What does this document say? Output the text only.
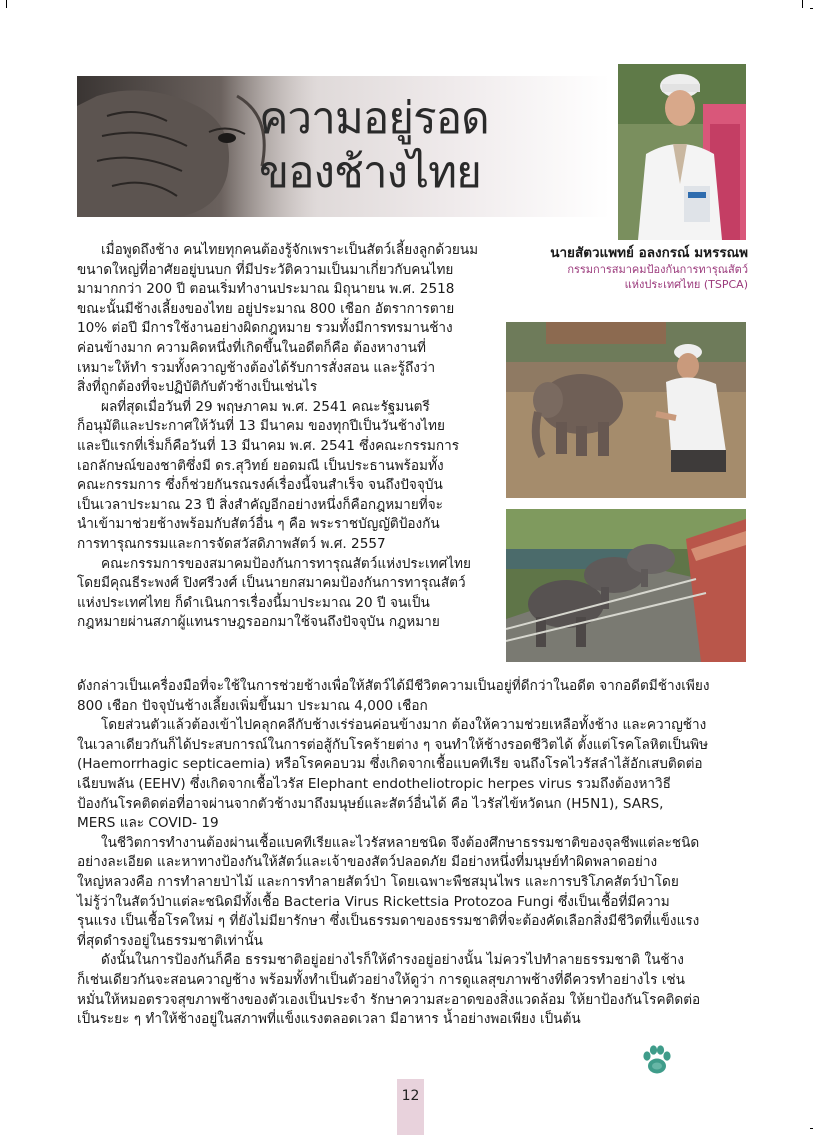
ความอยู่รอด
ของช้างไทย
นายสัตวแพทย์ อลงกรณ์ มหรรณพ
กรรมการสมาคมป้องกันการทารุณสัตว์
แห่งประเทศไทย (TSPCA)
เมื่อพูดถึงช้าง คนไทยทุกคนต้องรู้จักเพราะเป็นสัตว์เลี้ยงลูกด้วยนม
ขนาดใหญ่ที่อาศัยอยู่บนบก ที่มีประวัติความเป็นมาเกี่ยวกับคนไทย
มามากกว่า 200 ปี ตอนเริ่มทำงานประมาณ มิถุนายน พ.ศ. 2518
ขณะนั้นมีช้างเลี้ยงของไทย อยู่ประมาณ 800 เชือก อัตราการตาย
10% ต่อปี มีการใช้งานอย่างผิดกฎหมาย รวมทั้งมีการทรมานช้าง
ค่อนข้างมาก ความคิดหนึ่งที่เกิดขึ้นในอดีตก็คือ ต้องหางานที่
เหมาะให้ทำ รวมทั้งควาญช้างต้องได้รับการสั่งสอน และรู้ถึงว่า
สิ่งที่ถูกต้องที่จะปฏิบัติกับตัวช้างเป็นเช่นไร
ผลที่สุดเมื่อวันที่ 29 พฤษภาคม พ.ศ. 2541 คณะรัฐมนตรี
ก็อนุมัติและประกาศให้วันที่ 13 มีนาคม ของทุกปีเป็นวันช้างไทย
และปีแรกที่เริ่มก็คือวันที่ 13 มีนาคม พ.ศ. 2541 ซึ่งคณะกรรมการ
เอกลักษณ์ของชาติซึ่งมี ดร.สุวิทย์ ยอดมณี เป็นประธานพร้อมทั้ง
คณะกรรมการ ซึ่งก็ช่วยกันรณรงค์เรื่องนี้จนสำเร็จ จนถึงปัจจุบัน
เป็นเวลาประมาณ 23 ปี สิ่งสำคัญอีกอย่างหนึ่งก็คือกฎหมายที่จะ
นำเข้ามาช่วยช้างพร้อมกับสัตว์อื่น ๆ คือ พระราชบัญญัติป้องกัน
การทารุณกรรมและการจัดสวัสดิภาพสัตว์ พ.ศ. 2557
คณะกรรมการของสมาคมป้องกันการทารุณสัตว์แห่งประเทศไทย
โดยมีคุณธีระพงศ์ ปิงศรีวงศ์ เป็นนายกสมาคมป้องกันการทารุณสัตว์
แห่งประเทศไทย ก็ดำเนินการเรื่องนี้มาประมาณ 20 ปี จนเป็น
กฎหมายผ่านสภาผู้แทนราษฎรออกมาใช้จนถึงปัจจุบัน กฎหมาย
ดังกล่าวเป็นเครื่องมือที่จะใช้ในการช่วยช้างเพื่อให้สัตว์ได้มีชีวิตความเป็นอยู่ที่ดีกว่าในอดีต จากอดีตมีช้างเพียง
800 เชือก ปัจจุบันช้างเลี้ยงเพิ่มขึ้นมา ประมาณ 4,000 เชือก
โดยส่วนตัวแล้วต้องเข้าไปคลุกคลีกับช้างเร่ร่อนค่อนข้างมาก ต้องให้ความช่วยเหลือทั้งช้าง และควาญช้าง
ในเวลาเดียวกันก็ได้ประสบการณ์ในการต่อสู้กับโรคร้ายต่าง ๆ จนทำให้ช้างรอดชีวิตได้ ตั้งแต่โรคโลหิตเป็นพิษ
(Haemorrhagic septicaemia) หรือโรคคอบวม ซึ่งเกิดจากเชื้อแบคทีเรีย จนถึงโรคไวรัสลำไส้อักเสบติดต่อ
เฉียบพลัน (EEHV) ซึ่งเกิดจากเชื้อไวรัส Elephant endotheliotropic herpes virus รวมถึงต้องหาวิธี
ป้องกันโรคติดต่อที่อาจผ่านจากตัวช้างมาถึงมนุษย์และสัตว์อื่นได้ คือ ไวรัสไข้หวัดนก (H5N1), SARS,
MERS และ COVID- 19
ในชีวิตการทำงานต้องผ่านเชื้อแบคทีเรียและไวรัสหลายชนิด จึงต้องศึกษาธรรมชาติของจุลชีพแต่ละชนิด
อย่างละเอียด และหาทางป้องกันให้สัตว์และเจ้าของสัตว์ปลอดภัย มีอย่างหนึ่งที่มนุษย์ทำผิดพลาดอย่าง
ใหญ่หลวงคือ การทำลายป่าไม้ และการทำลายสัตว์ป่า โดยเฉพาะพืชสมุนไพร และการบริโภคสัตว์ป่าโดย
ไม่รู้ว่าในสัตว์ป่าแต่ละชนิดมีทั้งเชื้อ Bacteria Virus Rickettsia Protozoa Fungi ซึ่งเป็นเชื้อที่มีความ
รุนแรง เป็นเชื้อโรคใหม่ ๆ ที่ยังไม่มียารักษา ซึ่งเป็นธรรมดาของธรรมชาติที่จะต้องคัดเลือกสิ่งมีชีวิตที่แข็งแรง
ที่สุดดำรงอยู่ในธรรมชาติเท่านั้น
ดังนั้นในการป้องกันก็คือ ธรรมชาติอยู่อย่างไรก็ให้ดำรงอยู่อย่างนั้น ไม่ควรไปทำลายธรรมชาติ ในช้าง
ก็เช่นเดียวกันจะสอนควาญช้าง พร้อมทั้งทำเป็นตัวอย่างให้ดูว่า การดูแลสุขภาพช้างที่ดีควรทำอย่างไร เช่น
หมั่นให้หมอตรวจสุขภาพช้างของตัวเองเป็นประจำ รักษาความสะอาดของสิ่งแวดล้อม ให้ยาป้องกันโรคติดต่อ
เป็นระยะ ๆ ทำให้ช้างอยู่ในสภาพที่แข็งแรงตลอดเวลา มีอาหาร น้ำอย่างพอเพียง เป็นต้น
12
